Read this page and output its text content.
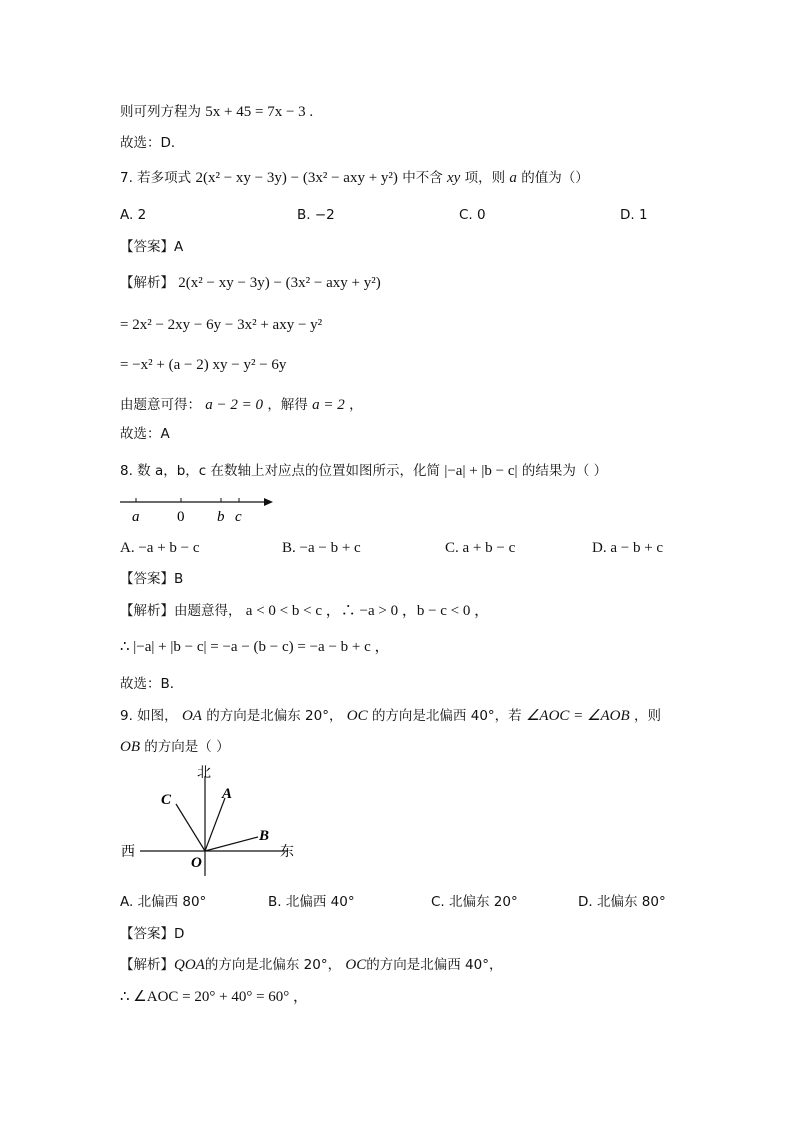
则可列方程为 5x + 45 = 7x − 3 .
故选：D．
7. 若多项式 2(x² − xy − 3y) − (3x² − axy + y²) 中不含 xy 项，则 a 的值为（）
A. 2	B. −2	C. 0	D. 1
【答案】A
【解析】 2(x² − xy − 3y) − (3x² − axy + y²)
= 2x² − 2xy − 6y − 3x² + axy − y²
= −x² + (a − 2) xy − y² − 6y
由题意可得： a − 2 = 0 ，解得 a = 2 ，
故选：A
8. 数 a，b，c 在数轴上对应点的位置如图所示，化简 |−a| + |b − c| 的结果为（ ）
a	0 b c
A. −a + b − c	B. −a − b + c	C. a + b − c	D. a − b + c
【答案】B
【解析】由题意得， a < 0 < b < c ，∴ −a > 0 ，b − c < 0 ，
∴ |−a| + |b − c| = −a − (b − c) = −a − b + c ，
故选：B．
9. 如图， OA 的方向是北偏东 20°， OC 的方向是北偏西 40°，若 ∠AOC = ∠AOB ，则
OB 的方向是（ ）
北
西	东
C	A
B
O
A. 北偏西 80°	B. 北偏西 40°	C. 北偏东 20°	D. 北偏东 80°
【答案】D
【解析】QOA的方向是北偏东 20°， OC的方向是北偏西 40°，
∴ ∠AOC = 20° + 40° = 60° ，
